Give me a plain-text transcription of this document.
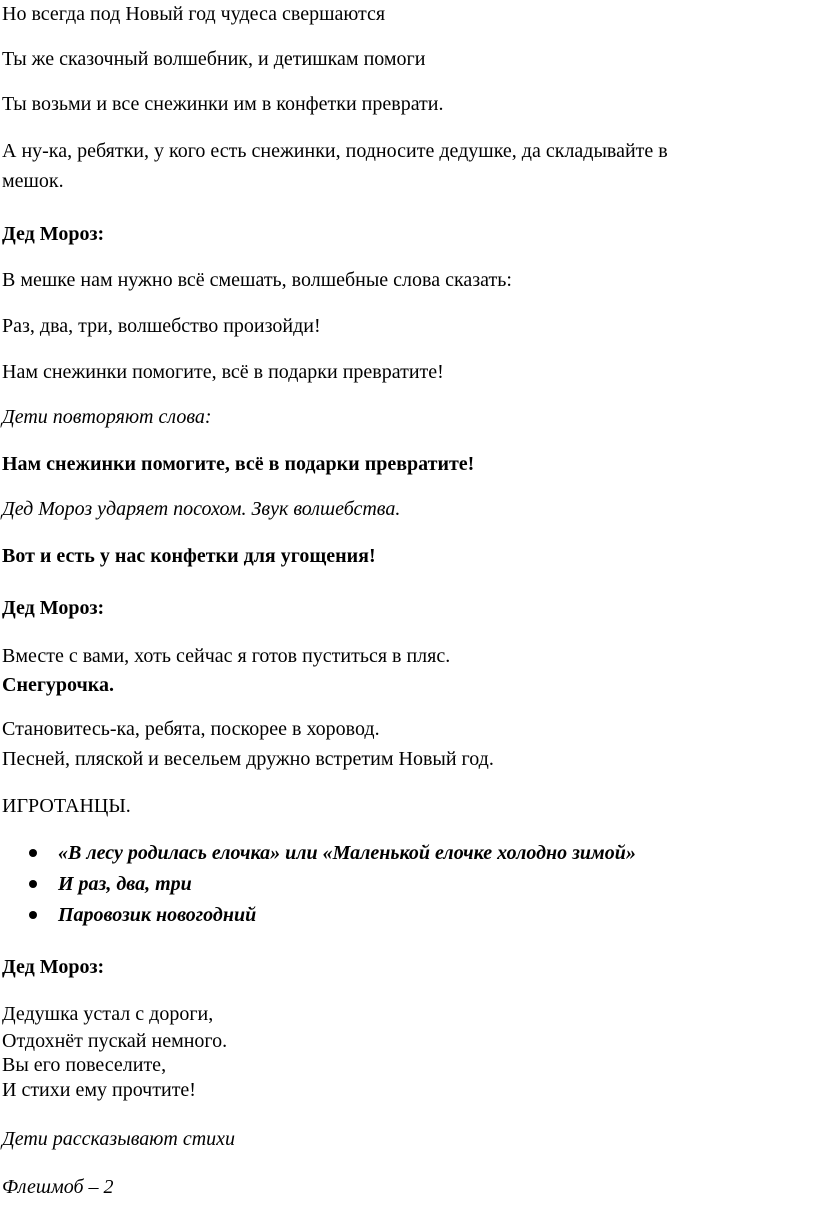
Но всегда под Новый год чудеса свершаются
Ты же сказочный волшебник, и детишкам помоги
Ты возьми и все снежинки им в конфетки преврати.
А ну-ка, ребятки, у кого есть снежинки, подносите дедушке, да складывайте в
мешок.
Дед Мороз:
В мешке нам нужно всё смешать, волшебные слова сказать:
Раз, два, три, волшебство произойди!
Нам снежинки помогите, всё в подарки превратите!
Дети повторяют слова:
Нам снежинки помогите, всё в подарки превратите!
Дед Мороз ударяет посохом. Звук волшебства.
Вот и есть у нас конфетки для угощения!
Дед Мороз:
Вместе с вами, хоть сейчас я готов пуститься в пляс.
Снегурочка.
Становитесь-ка, ребята, поскорее в хоровод.
Песней, пляской и весельем дружно встретим Новый год.
ИГРОТАНЦЫ.
«В лесу родилась елочка» или «Маленькой елочке холодно зимой»
И раз, два, три
Паровозик новогодний
Дед Мороз:
Дедушка устал с дороги,
Отдохнёт пускай немного.
Вы его повеселите,
И стихи ему прочтите!
Дети рассказывают стихи
Флешмоб – 2
